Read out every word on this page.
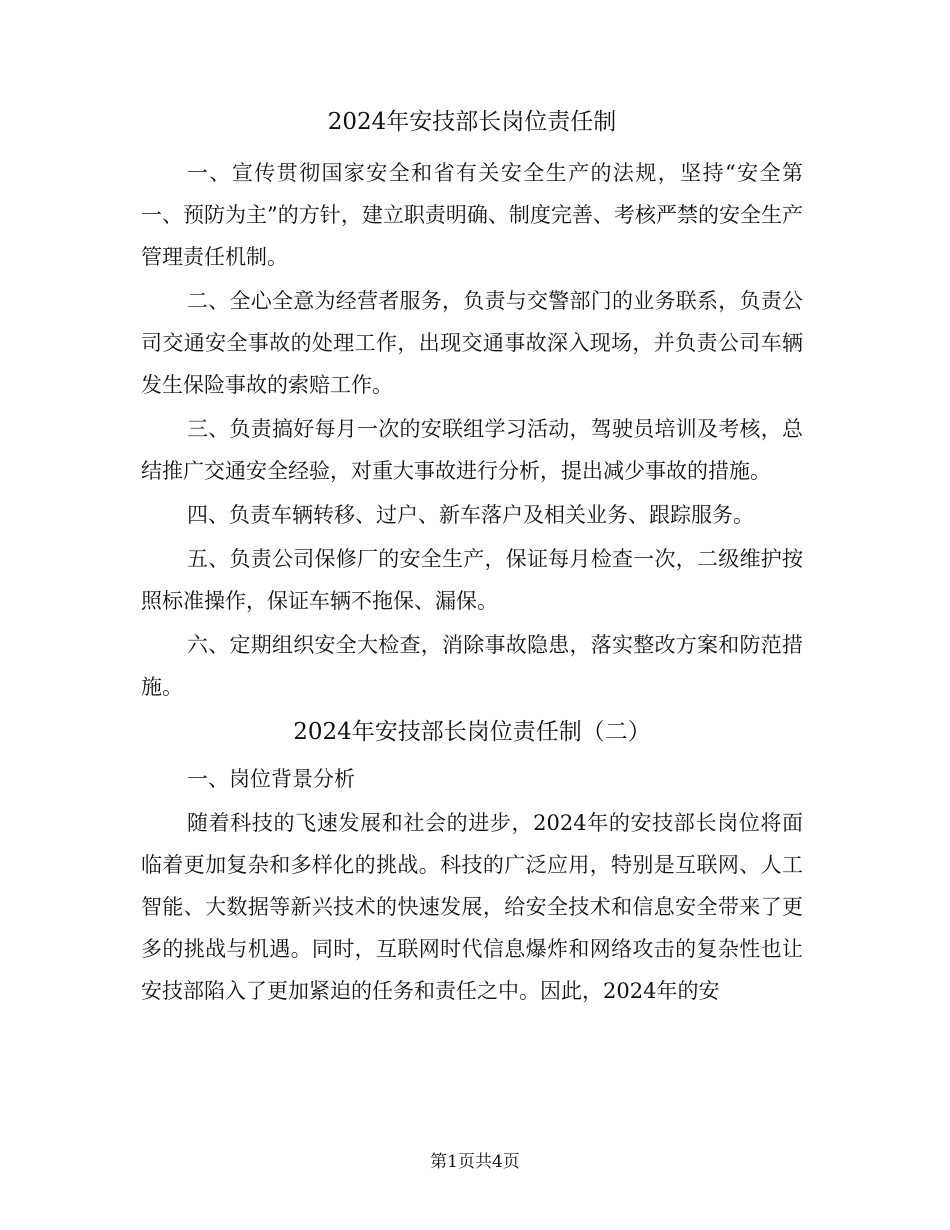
2024年安技部长岗位责任制

一、宣传贯彻国家安全和省有关安全生产的法规，坚持“安全第一、预防为主”的方针，建立职责明确、制度完善、考核严禁的安全生产管理责任机制。

二、全心全意为经营者服务，负责与交警部门的业务联系，负责公司交通安全事故的处理工作，出现交通事故深入现场，并负责公司车辆发生保险事故的索赔工作。

三、负责搞好每月一次的安联组学习活动，驾驶员培训及考核，总结推广交通安全经验，对重大事故进行分析，提出减少事故的措施。

四、负责车辆转移、过户、新车落户及相关业务、跟踪服务。

五、负责公司保修厂的安全生产，保证每月检查一次，二级维护按照标准操作，保证车辆不拖保、漏保。

六、定期组织安全大检查，消除事故隐患，落实整改方案和防范措施。

2024年安技部长岗位责任制（二）

一、岗位背景分析

随着科技的飞速发展和社会的进步，2024年的安技部长岗位将面临着更加复杂和多样化的挑战。科技的广泛应用，特别是互联网、人工智能、大数据等新兴技术的快速发展，给安全技术和信息安全带来了更多的挑战与机遇。同时，互联网时代信息爆炸和网络攻击的复杂性也让安技部陷入了更加紧迫的任务和责任之中。因此，2024年的安

第1页共4页
